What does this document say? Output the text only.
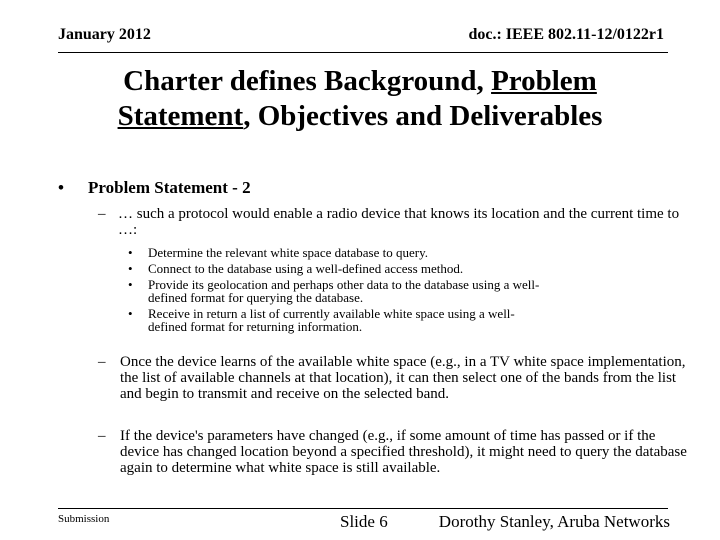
January 2012	doc.: IEEE 802.11-12/0122r1
Charter defines Background, Problem
Statement, Objectives and Deliverables
• Problem Statement - 2
– … such a protocol would enable a radio device that knows its location and the current time to …:
• Determine the relevant white space database to query.
• Connect to the database using a well-defined access method.
• Provide its geolocation and perhaps other data to the database using a well-defined format for querying the database.
• Receive in return a list of currently available white space using a well-defined format for returning information.
– Once the device learns of the available white space (e.g., in a TV white space implementation, the list of available channels at that location), it can then select one of the bands from the list and begin to transmit and receive on the selected band.
– If the device's parameters have changed (e.g., if some amount of time has passed or if the device has changed location beyond a specified threshold), it might need to query the database again to determine what white space is still available.
Submission	Slide 6	Dorothy Stanley, Aruba Networks
